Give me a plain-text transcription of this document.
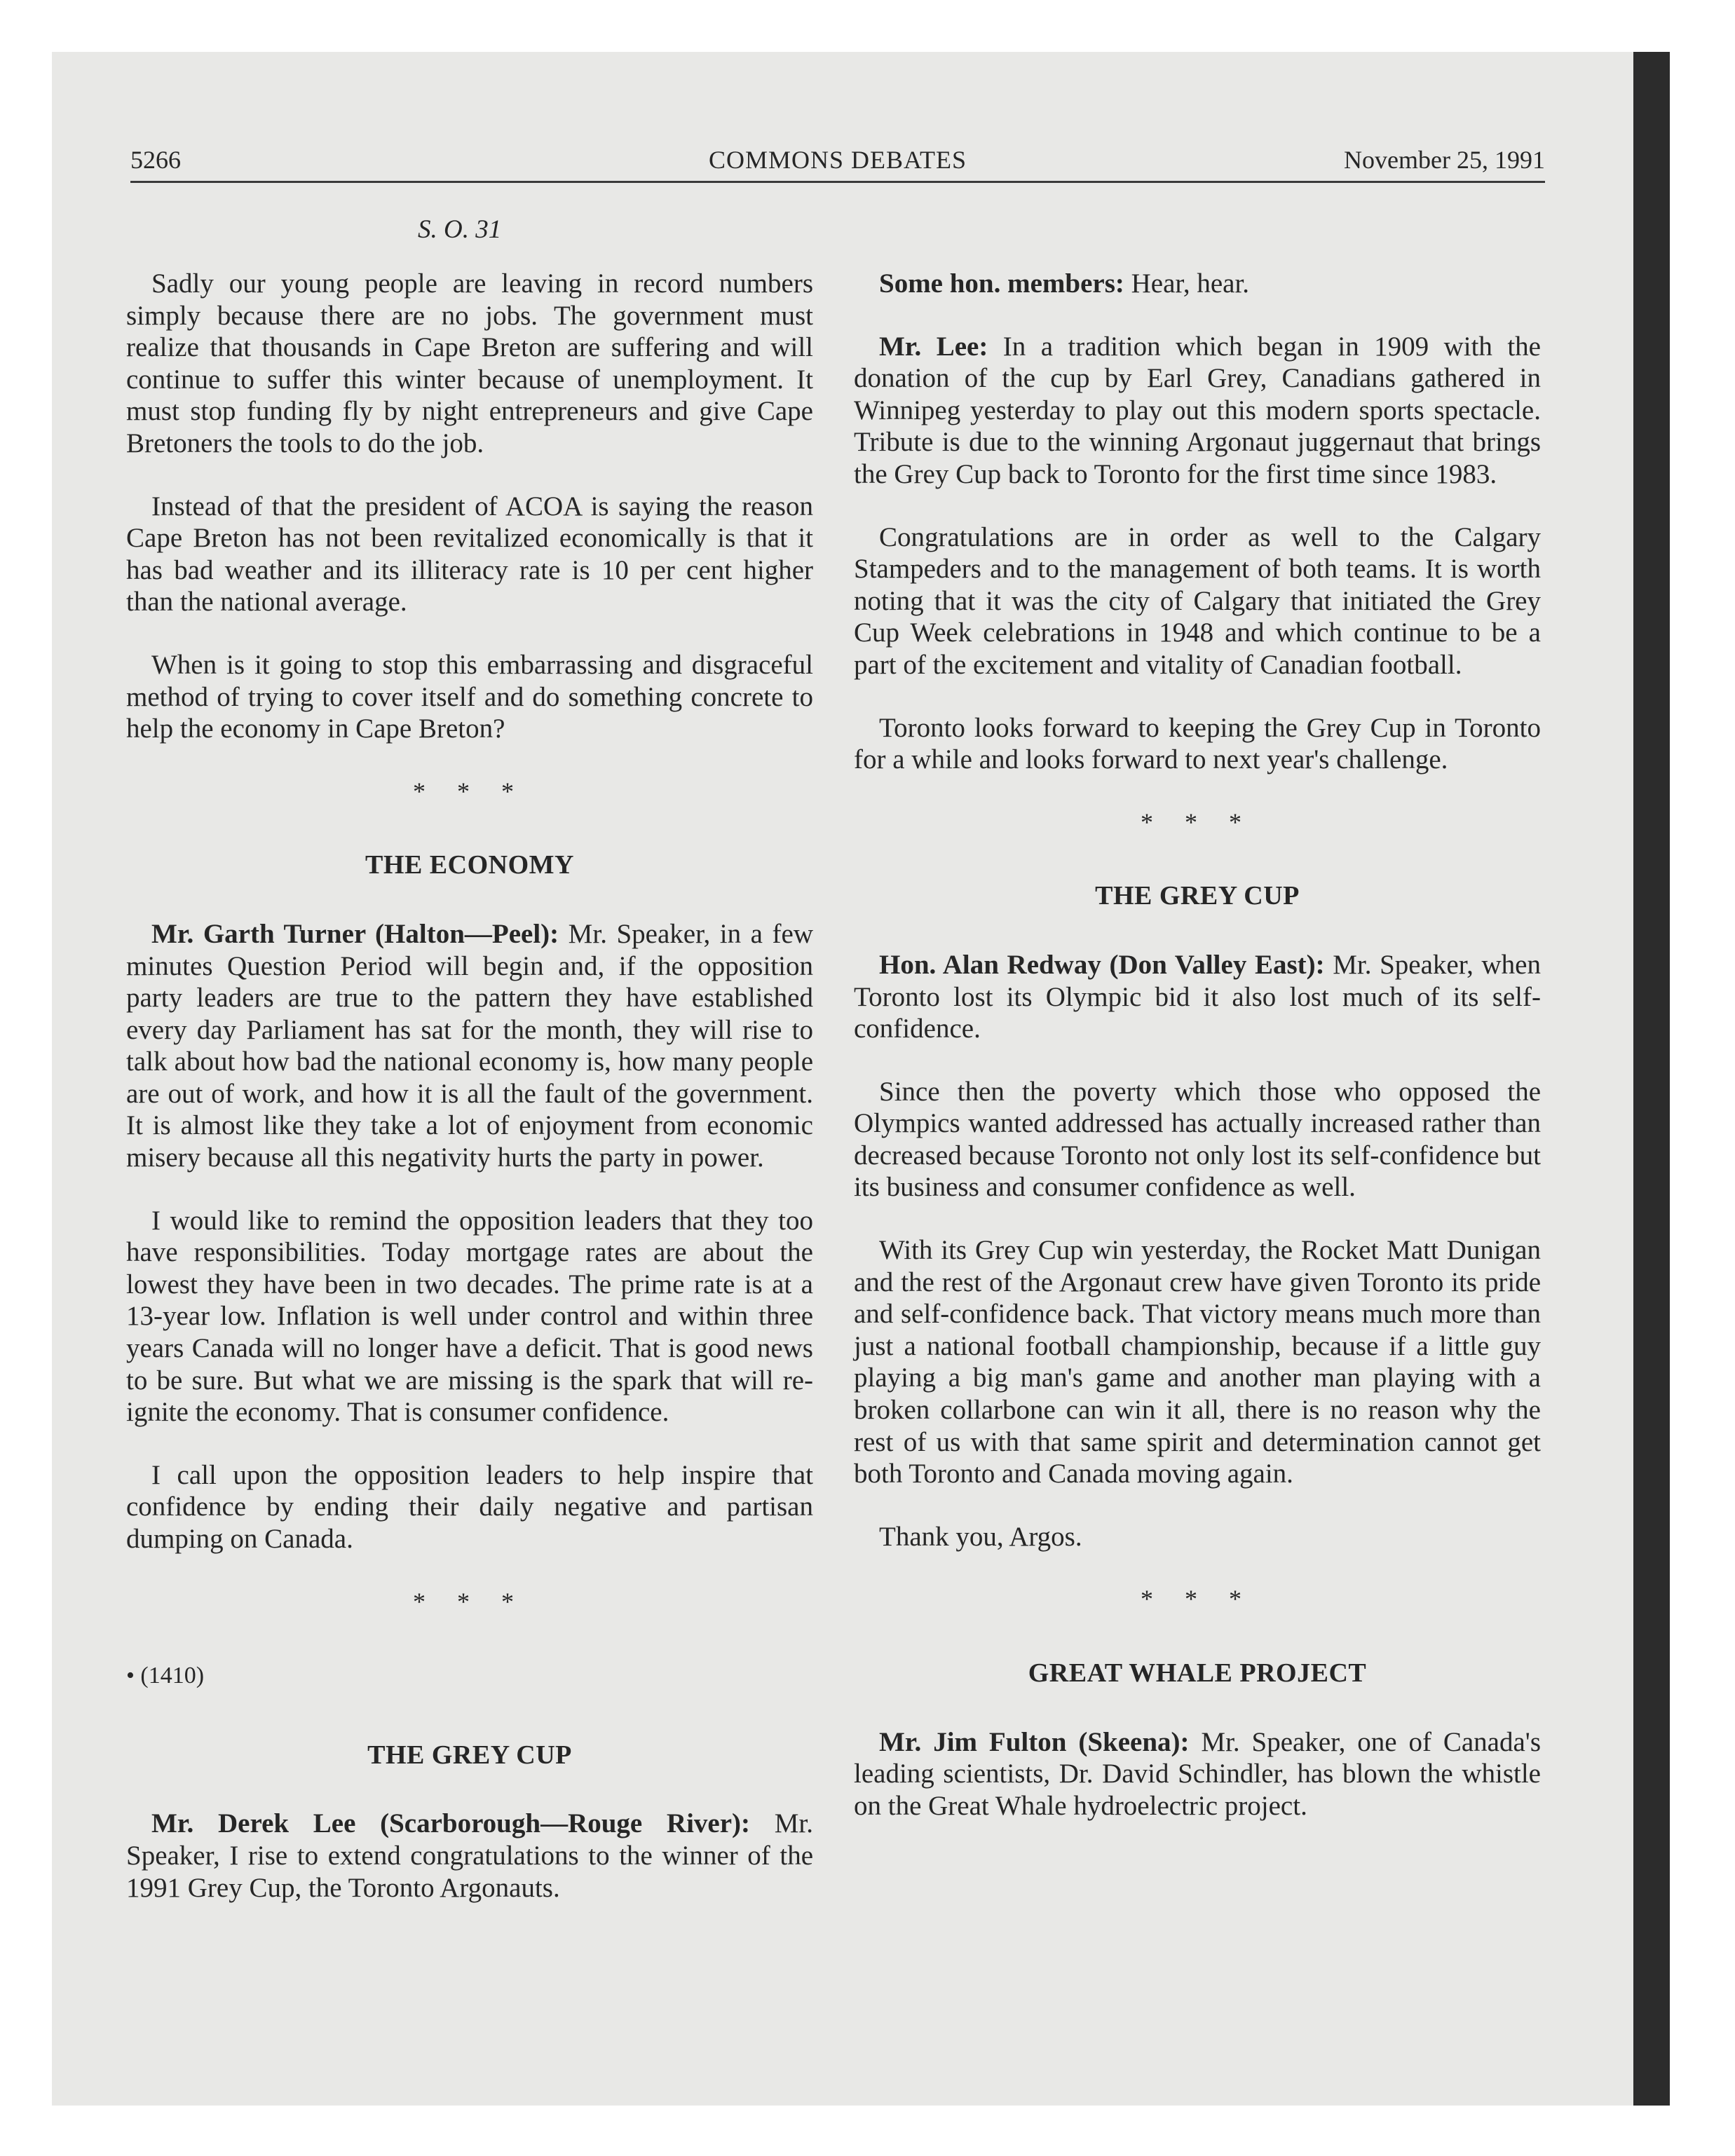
5266	COMMONS DEBATES	November 25, 1991
S. O. 31

Sadly our young people are leaving in record numbers simply because there are no jobs. The government must realize that thousands in Cape Breton are suffering and will continue to suffer this winter because of unemployment. It must stop funding fly by night entrepreneurs and give Cape Bretoners the tools to do the job.

Instead of that the president of ACOA is saying the reason Cape Breton has not been revitalized economically is that it has bad weather and its illiteracy rate is 10 per cent higher than the national average.

When is it going to stop this embarrassing and disgraceful method of trying to cover itself and do something concrete to help the economy in Cape Breton?

* * *
THE ECONOMY

Mr. Garth Turner (Halton—Peel): Mr. Speaker, in a few minutes Question Period will begin and, if the opposition party leaders are true to the pattern they have established every day Parliament has sat for the month, they will rise to talk about how bad the national economy is, how many people are out of work, and how it is all the fault of the government. It is almost like they take a lot of enjoyment from economic misery because all this negativity hurts the party in power.

I would like to remind the opposition leaders that they too have responsibilities. Today mortgage rates are about the lowest they have been in two decades. The prime rate is at a 13-year low. Inflation is well under control and within three years Canada will no longer have a deficit. That is good news to be sure. But what we are missing is the spark that will re-ignite the economy. That is consumer confidence.

I call upon the opposition leaders to help inspire that confidence by ending their daily negative and partisan dumping on Canada.

* * *
• (1410)
THE GREY CUP

Mr. Derek Lee (Scarborough—Rouge River): Mr. Speaker, I rise to extend congratulations to the winner of the 1991 Grey Cup, the Toronto Argonauts.

Some hon. members: Hear, hear.

Mr. Lee: In a tradition which began in 1909 with the donation of the cup by Earl Grey, Canadians gathered in Winnipeg yesterday to play out this modern sports spectacle. Tribute is due to the winning Argonaut juggernaut that brings the Grey Cup back to Toronto for the first time since 1983.

Congratulations are in order as well to the Calgary Stampeders and to the management of both teams. It is worth noting that it was the city of Calgary that initiated the Grey Cup Week celebrations in 1948 and which continue to be a part of the excitement and vitality of Canadian football.

Toronto looks forward to keeping the Grey Cup in Toronto for a while and looks forward to next year's challenge.

* * *
THE GREY CUP

Hon. Alan Redway (Don Valley East): Mr. Speaker, when Toronto lost its Olympic bid it also lost much of its self-confidence.

Since then the poverty which those who opposed the Olympics wanted addressed has actually increased rather than decreased because Toronto not only lost its self-confidence but its business and consumer confidence as well.

With its Grey Cup win yesterday, the Rocket Matt Dunigan and the rest of the Argonaut crew have given Toronto its pride and self-confidence back. That victory means much more than just a national football championship, because if a little guy playing a big man's game and another man playing with a broken collarbone can win it all, there is no reason why the rest of us with that same spirit and determination cannot get both Toronto and Canada moving again.

Thank you, Argos.

* * *
GREAT WHALE PROJECT

Mr. Jim Fulton (Skeena): Mr. Speaker, one of Canada's leading scientists, Dr. David Schindler, has blown the whistle on the Great Whale hydroelectric project.
